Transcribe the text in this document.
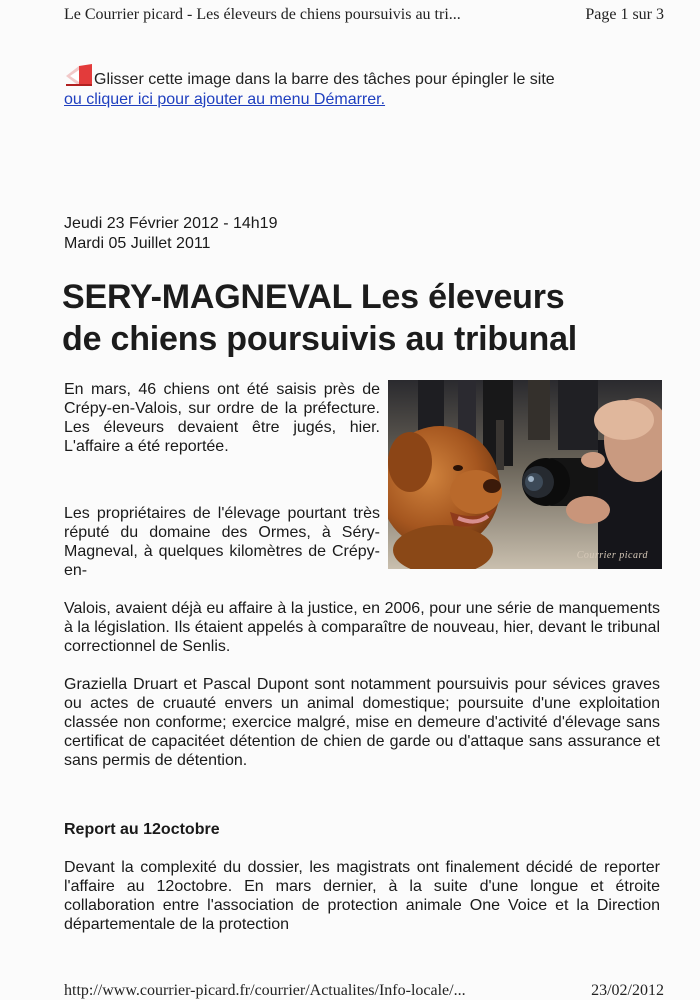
Le Courrier picard - Les éleveurs de chiens poursuivis au tri...	Page 1 sur 3
Glisser cette image dans la barre des tâches pour épingler le site
ou cliquer ici pour ajouter au menu Démarrer.
Jeudi 23 Février 2012 - 14h19
Mardi 05 Juillet 2011
SERY-MAGNEVAL Les éleveurs
de chiens poursuivis au tribunal
Courrier picard

En mars, 46 chiens ont été saisis près de Crépy-en-Valois, sur ordre de la préfecture. Les éleveurs devaient être jugés, hier. L'affaire a été reportée.

Les propriétaires de l'élevage pourtant très réputé du domaine des Ormes, à Séry-Magneval, à quelques kilomètres de Crépy-en-

Valois, avaient déjà eu affaire à la justice, en 2006, pour une série de manquements à la législation. Ils étaient appelés à comparaître de nouveau, hier, devant le tribunal correctionnel de Senlis.

Graziella Druart et Pascal Dupont sont notamment poursuivis pour sévices graves ou actes de cruauté envers un animal domestique; poursuite d'une exploitation classée non conforme; exercice malgré, mise en demeure d'activité d'élevage sans certificat de capacitéet détention de chien de garde ou d'attaque sans assurance et sans permis de détention.

Report au 12octobre

Devant la complexité du dossier, les magistrats ont finalement décidé de reporter l'affaire au 12octobre. En mars dernier, à la suite d'une longue et étroite collaboration entre l'association de protection animale One Voice et la Direction départementale de la protection

http://www.courrier-picard.fr/courrier/Actualites/Info-locale/...	23/02/2012
